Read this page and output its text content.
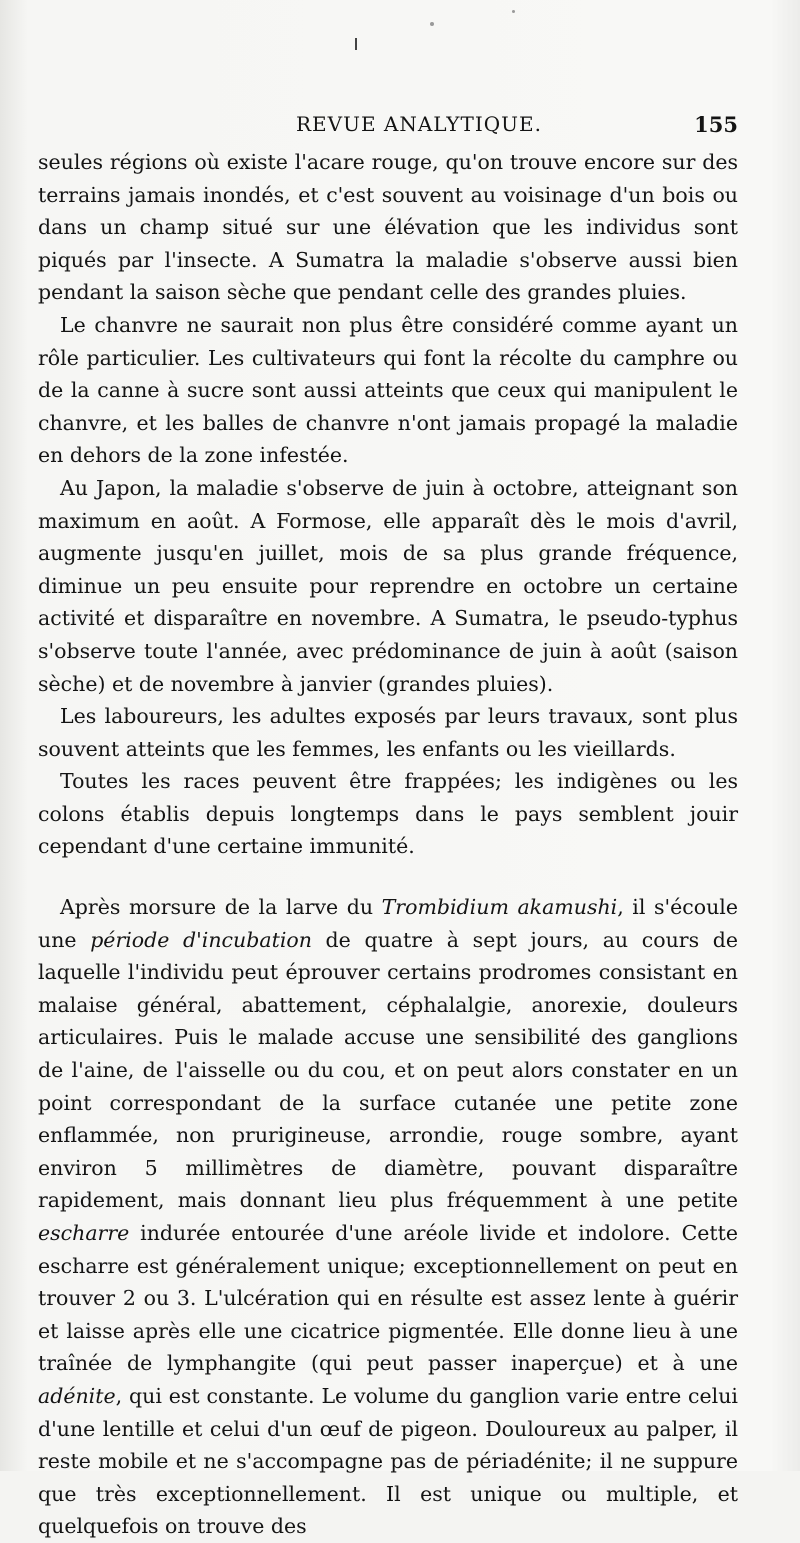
REVUE ANALYTIQUE.	155

seules régions où existe l'acare rouge, qu'on trouve encore sur des terrains jamais inondés, et c'est souvent au voisinage d'un bois ou dans un champ situé sur une élévation que les individus sont piqués par l'insecte. A Sumatra la maladie s'observe aussi bien pendant la saison sèche que pendant celle des grandes pluies.

Le chanvre ne saurait non plus être considéré comme ayant un rôle particulier. Les cultivateurs qui font la récolte du camphre ou de la canne à sucre sont aussi atteints que ceux qui manipulent le chanvre, et les balles de chanvre n'ont jamais propagé la maladie en dehors de la zone infestée.

Au Japon, la maladie s'observe de juin à octobre, atteignant son maximum en août. A Formose, elle apparaît dès le mois d'avril, augmente jusqu'en juillet, mois de sa plus grande fréquence, diminue un peu ensuite pour reprendre en octobre un certaine activité et disparaître en novembre. A Sumatra, le pseudo-typhus s'observe toute l'année, avec prédominance de juin à août (saison sèche) et de novembre à janvier (grandes pluies).

Les laboureurs, les adultes exposés par leurs travaux, sont plus souvent atteints que les femmes, les enfants ou les vieillards.

Toutes les races peuvent être frappées; les indigènes ou les colons établis depuis longtemps dans le pays semblent jouir cependant d'une certaine immunité.

Après morsure de la larve du Trombidium akamushi, il s'écoule une période d'incubation de quatre à sept jours, au cours de laquelle l'individu peut éprouver certains prodromes consistant en malaise général, abattement, céphalalgie, anorexie, douleurs articulaires. Puis le malade accuse une sensibilité des ganglions de l'aine, de l'aisselle ou du cou, et on peut alors constater en un point correspondant de la surface cutanée une petite zone enflammée, non prurigineuse, arrondie, rouge sombre, ayant environ 5 millimètres de diamètre, pouvant disparaître rapidement, mais donnant lieu plus fréquemment à une petite escharre indurée entourée d'une aréole livide et indolore. Cette escharre est généralement unique; exceptionnellement on peut en trouver 2 ou 3. L'ulcération qui en résulte est assez lente à guérir et laisse après elle une cicatrice pigmentée. Elle donne lieu à une traînée de lymphangite (qui peut passer inaperçue) et à une adénite, qui est constante. Le volume du ganglion varie entre celui d'une lentille et celui d'un œuf de pigeon. Douloureux au palper, il reste mobile et ne s'accompagne pas de périadénite; il ne suppure que très exceptionnellement. Il est unique ou multiple, et quelquefois on trouve des
